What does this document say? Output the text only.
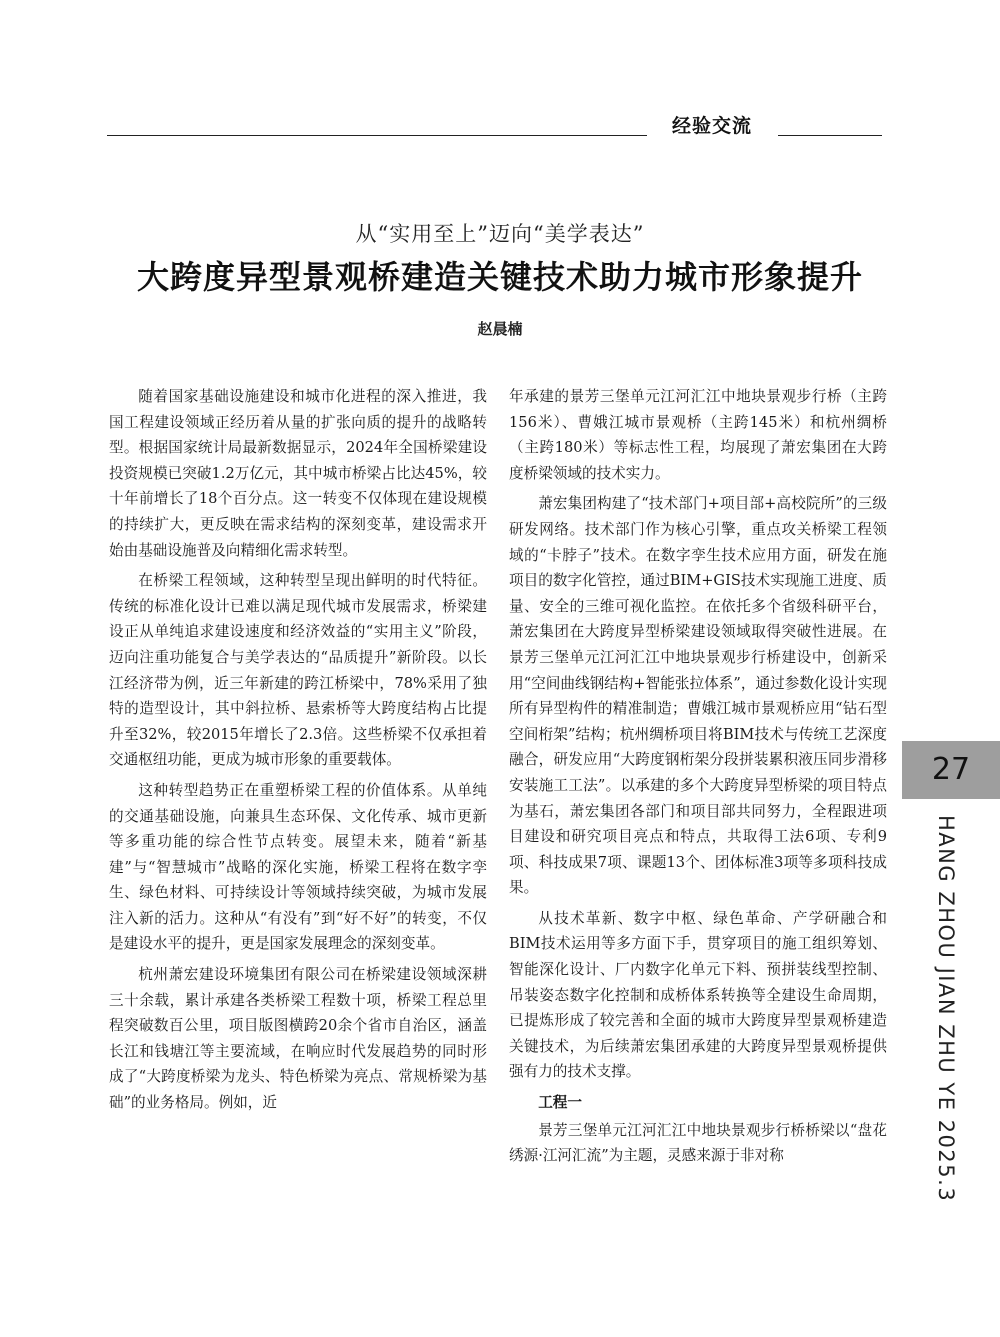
经验交流
从“实用至上”迈向“美学表达”
大跨度异型景观桥建造关键技术助力城市形象提升
赵晨楠

随着国家基础设施建设和城市化进程的深入推进，我国工程建设领域正经历着从量的扩张向质的提升的战略转型。根据国家统计局最新数据显示，2024年全国桥梁建设投资规模已突破1.2万亿元，其中城市桥梁占比达45%，较十年前增长了18个百分点。这一转变不仅体现在建设规模的持续扩大，更反映在需求结构的深刻变革，建设需求开始由基础设施普及向精细化需求转型。

在桥梁工程领域，这种转型呈现出鲜明的时代特征。传统的标准化设计已难以满足现代城市发展需求，桥梁建设正从单纯追求建设速度和经济效益的“实用主义”阶段，迈向注重功能复合与美学表达的“品质提升”新阶段。以长江经济带为例，近三年新建的跨江桥梁中，78%采用了独特的造型设计，其中斜拉桥、悬索桥等大跨度结构占比提升至32%，较2015年增长了2.3倍。这些桥梁不仅承担着交通枢纽功能，更成为城市形象的重要载体。

这种转型趋势正在重塑桥梁工程的价值体系。从单纯的交通基础设施，向兼具生态环保、文化传承、城市更新等多重功能的综合性节点转变。展望未来，随着“新基建”与“智慧城市”战略的深化实施，桥梁工程将在数字孪生、绿色材料、可持续设计等领域持续突破，为城市发展注入新的活力。这种从“有没有”到“好不好”的转变，不仅是建设水平的提升，更是国家发展理念的深刻变革。

杭州萧宏建设环境集团有限公司在桥梁建设领域深耕三十余载，累计承建各类桥梁工程数十项，桥梁工程总里程突破数百公里，项目版图横跨20余个省市自治区，涵盖长江和钱塘江等主要流域，在响应时代发展趋势的同时形成了“大跨度桥梁为龙头、特色桥梁为亮点、常规桥梁为基础”的业务格局。例如，近

年承建的景芳三堡单元江河汇江中地块景观步行桥（主跨156米）、曹娥江城市景观桥（主跨145米）和杭州绸桥（主跨180米）等标志性工程，均展现了萧宏集团在大跨度桥梁领域的技术实力。

萧宏集团构建了“技术部门+项目部+高校院所”的三级研发网络。技术部门作为核心引擎，重点攻关桥梁工程领域的“卡脖子”技术。在数字孪生技术应用方面，研发在施项目的数字化管控，通过BIM+GIS技术实现施工进度、质量、安全的三维可视化监控。在依托多个省级科研平台，萧宏集团在大跨度异型桥梁建设领域取得突破性进展。在景芳三堡单元江河汇江中地块景观步行桥建设中，创新采用“空间曲线钢结构+智能张拉体系”，通过参数化设计实现所有异型构件的精准制造；曹娥江城市景观桥应用“钻石型空间桁架”结构；杭州绸桥项目将BIM技术与传统工艺深度融合，研发应用“大跨度钢桁架分段拼装累积液压同步滑移安装施工工法”。以承建的多个大跨度异型桥梁的项目特点为基石，萧宏集团各部门和项目部共同努力，全程跟进项目建设和研究项目亮点和特点，共取得工法6项、专利9项、科技成果7项、课题13个、团体标准3项等多项科技成果。

从技术革新、数字中枢、绿色革命、产学研融合和BIM技术运用等多方面下手，贯穿项目的施工组织筹划、智能深化设计、厂内数字化单元下料、预拼装线型控制、吊装姿态数字化控制和成桥体系转换等全建设生命周期，已提炼形成了较完善和全面的城市大跨度异型景观桥建造关键技术，为后续萧宏集团承建的大跨度异型景观桥提供强有力的技术支撑。

工程一

景芳三堡单元江河汇江中地块景观步行桥桥梁以“盘花绣源·江河汇流”为主题，灵感来源于非对称

27
HANG ZHOU JIAN ZHU YE 2025.3
